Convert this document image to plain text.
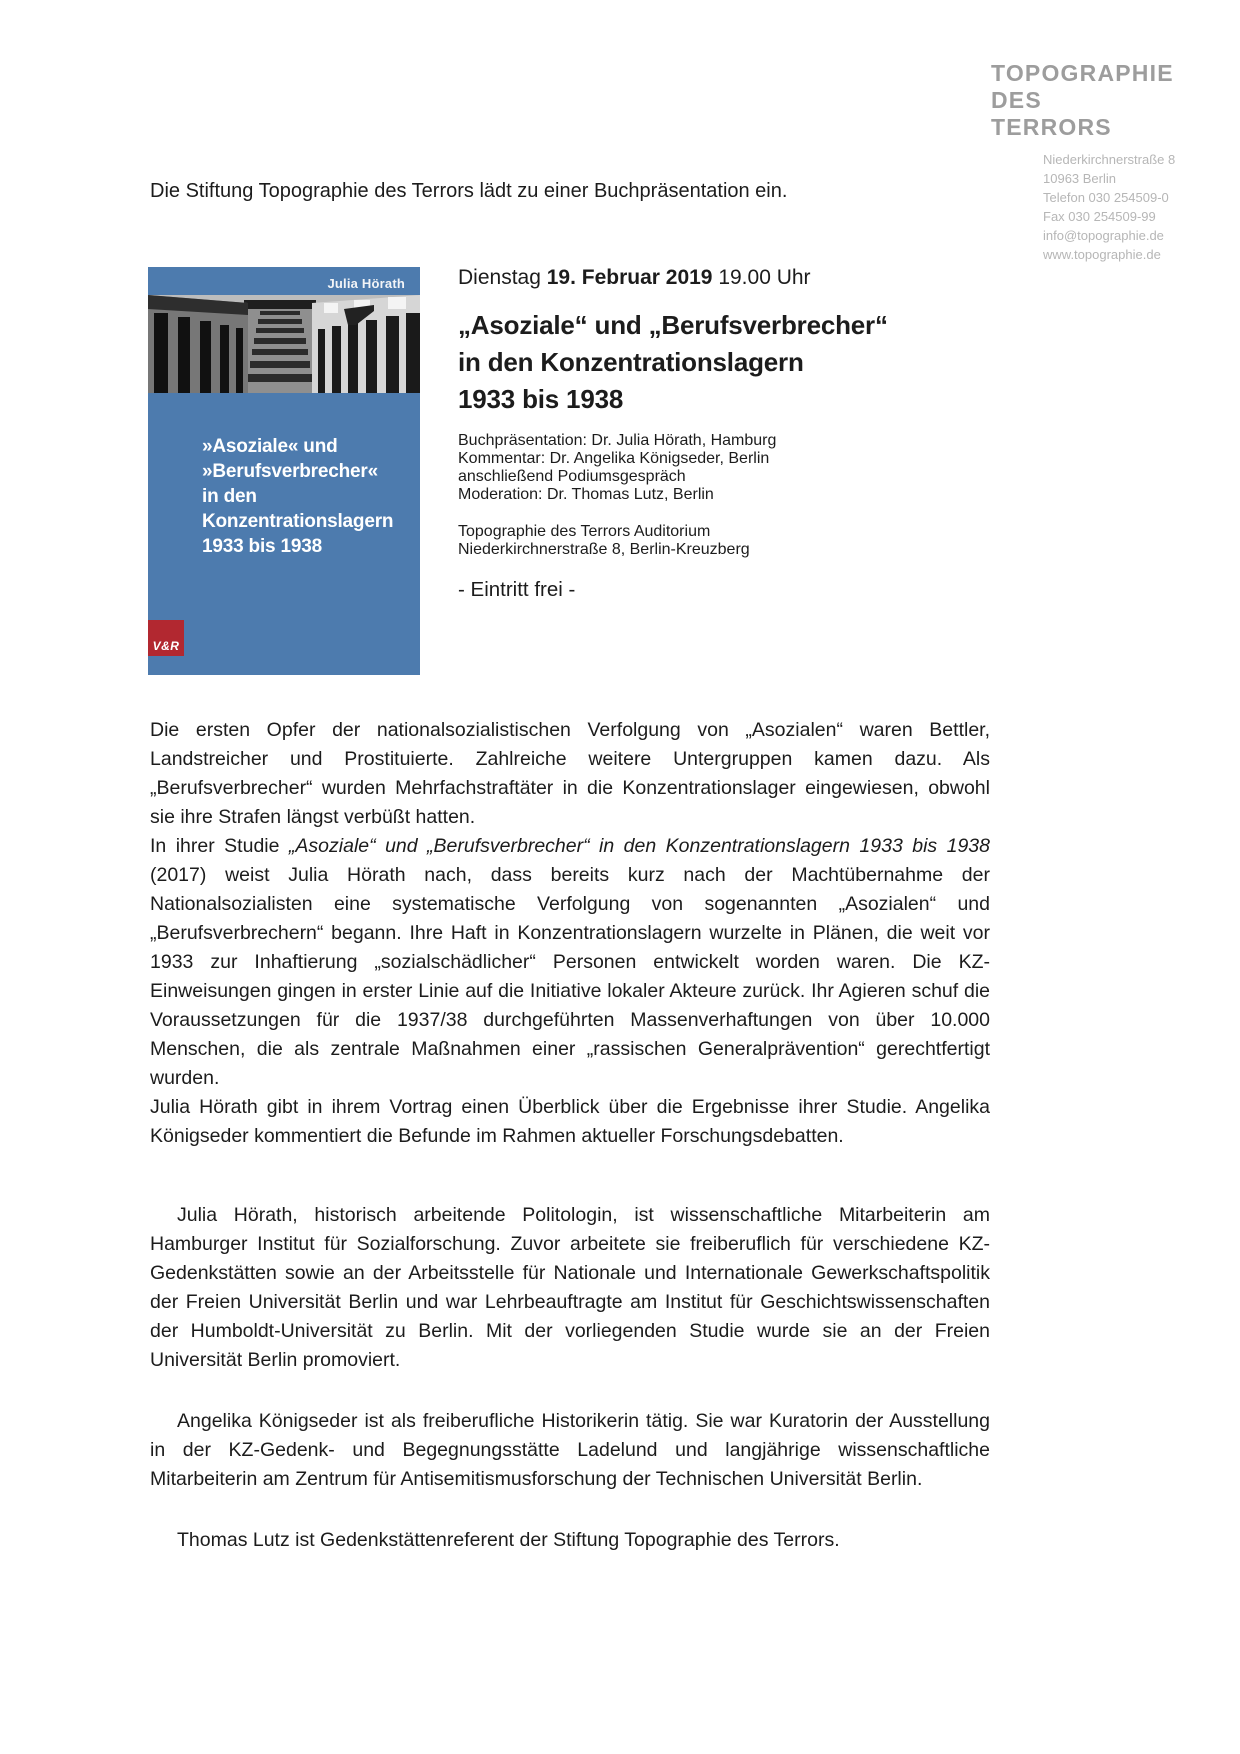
TOPOGRAPHIE
DES
TERRORS
Niederkirchnerstraße 8
10963 Berlin
Telefon 030 254509-0
Fax 030 254509-99
info@topographie.de
www.topographie.de

Die Stiftung Topographie des Terrors lädt zu einer Buchpräsentation ein.

Julia Hörath
»Asoziale« und
»Berufsverbrecher«
in den Konzentrationslagern
1933 bis 1938
V&R

Dienstag 19. Februar 2019 19.00 Uhr

„Asoziale“ und „Berufsverbrecher“
in den Konzentrationslagern
1933 bis 1938

Buchpräsentation: Dr. Julia Hörath, Hamburg
Kommentar: Dr. Angelika Königseder, Berlin
anschließend Podiumsgespräch
Moderation: Dr. Thomas Lutz, Berlin

Topographie des Terrors Auditorium
Niederkirchnerstraße 8, Berlin-Kreuzberg

- Eintritt frei -

Die ersten Opfer der nationalsozialistischen Verfolgung von „Asozialen“ waren Bettler, Landstreicher und Prostituierte. Zahlreiche weitere Untergruppen kamen dazu. Als „Berufsverbrecher“ wurden Mehrfachstraftäter in die Konzentrationslager eingewiesen, obwohl sie ihre Strafen längst verbüßt hatten.

In ihrer Studie „Asoziale“ und „Berufsverbrecher“ in den Konzentrationslagern 1933 bis 1938 (2017) weist Julia Hörath nach, dass bereits kurz nach der Machtübernahme der Nationalsozialisten eine systematische Verfolgung von sogenannten „Asozialen“ und „Berufsverbrechern“ begann. Ihre Haft in Konzentrationslagern wurzelte in Plänen, die weit vor 1933 zur Inhaftierung „sozialschädlicher“ Personen entwickelt worden waren. Die KZ-Einweisungen gingen in erster Linie auf die Initiative lokaler Akteure zurück. Ihr Agieren schuf die Voraussetzungen für die 1937/38 durchgeführten Massenverhaftungen von über 10.000 Menschen, die als zentrale Maßnahmen einer „rassischen Generalprävention“ gerechtfertigt wurden.

Julia Hörath gibt in ihrem Vortrag einen Überblick über die Ergebnisse ihrer Studie. Angelika Königseder kommentiert die Befunde im Rahmen aktueller Forschungsdebatten.

Julia Hörath, historisch arbeitende Politologin, ist wissenschaftliche Mitarbeiterin am Hamburger Institut für Sozialforschung. Zuvor arbeitete sie freiberuflich für verschiedene KZ-Gedenkstätten sowie an der Arbeitsstelle für Nationale und Internationale Gewerkschaftspolitik der Freien Universität Berlin und war Lehrbeauftragte am Institut für Geschichtswissenschaften der Humboldt-Universität zu Berlin. Mit der vorliegenden Studie wurde sie an der Freien Universität Berlin promoviert.

Angelika Königseder ist als freiberufliche Historikerin tätig. Sie war Kuratorin der Ausstellung in der KZ-Gedenk- und Begegnungsstätte Ladelund und langjährige wissenschaftliche Mitarbeiterin am Zentrum für Antisemitismusforschung der Technischen Universität Berlin.

Thomas Lutz ist Gedenkstättenreferent der Stiftung Topographie des Terrors.
